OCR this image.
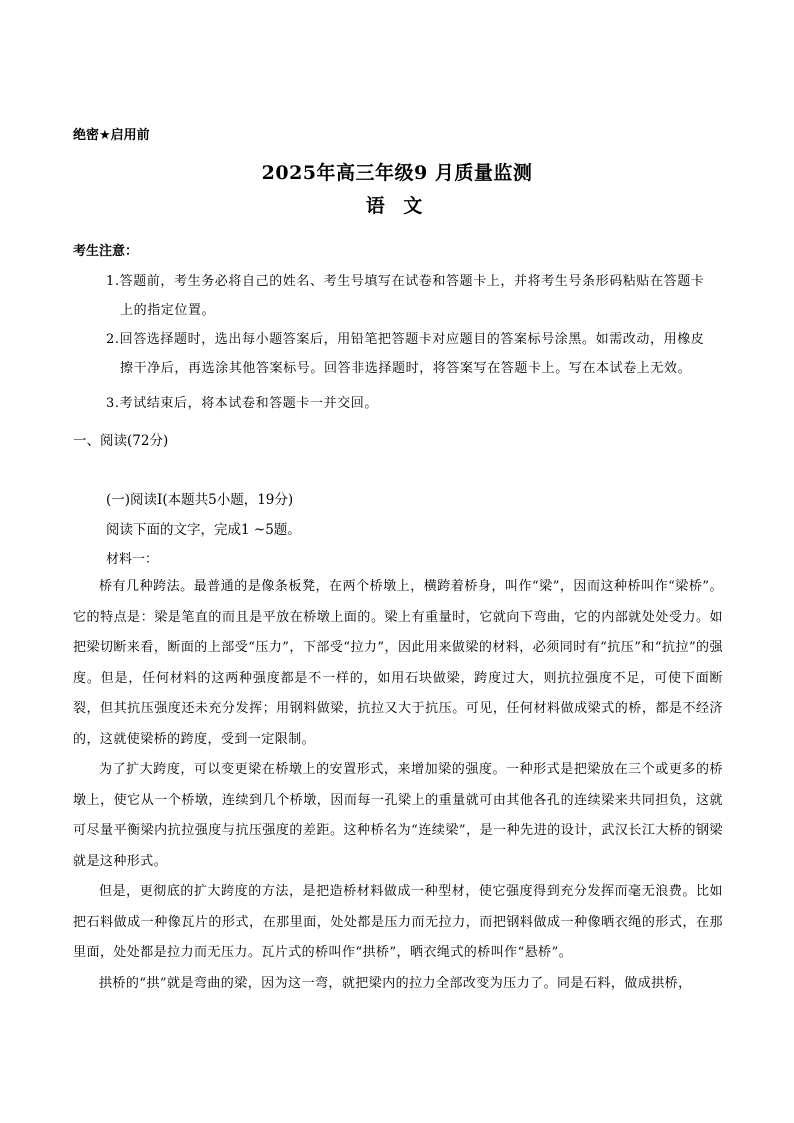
绝密★启用前
2025年高三年级9 月质量监测
语 文
考生注意：
1.答题前，考生务必将自己的姓名、考生号填写在试卷和答题卡上，并将考生号条形码粘贴在答题卡
上的指定位置。
2.回答选择题时，选出每小题答案后，用铅笔把答题卡对应题目的答案标号涂黑。如需改动，用橡皮
擦干净后，再选涂其他答案标号。回答非选择题时，将答案写在答题卡上。写在本试卷上无效。
3.考试结束后，将本试卷和答题卡一并交回。
一、阅读(72分)
(一)阅读Ⅰ(本题共5小题，19分)
阅读下面的文字，完成1 ~5题。
材料一：

桥有几种跨法。最普通的是像条板凳，在两个桥墩上，横跨着桥身，叫作“梁”，因而这种桥叫作“梁桥”。它的特点是：梁是笔直的而且是平放在桥墩上面的。梁上有重量时，它就向下弯曲，它的内部就处处受力。如把梁切断来看，断面的上部受“压力”，下部受“拉力”，因此用来做梁的材料，必须同时有“抗压”和“抗拉”的强度。但是，任何材料的这两种强度都是不一样的，如用石块做梁，跨度过大，则抗拉强度不足，可使下面断裂，但其抗压强度还未充分发挥；用钢料做梁，抗拉又大于抗压。可见，任何材料做成梁式的桥，都是不经济的，这就使梁桥的跨度，受到一定限制。

为了扩大跨度，可以变更梁在桥墩上的安置形式，来增加梁的强度。一种形式是把梁放在三个或更多的桥墩上，使它从一个桥墩，连续到几个桥墩，因而每一孔梁上的重量就可由其他各孔的连续梁来共同担负，这就可尽量平衡梁内抗拉强度与抗压强度的差距。这种桥名为“连续梁”，是一种先进的设计，武汉长江大桥的钢梁就是这种形式。

但是，更彻底的扩大跨度的方法，是把造桥材料做成一种型材，使它强度得到充分发挥而毫无浪费。比如把石料做成一种像瓦片的形式，在那里面，处处都是压力而无拉力，而把钢料做成一种像晒衣绳的形式，在那里面，处处都是拉力而无压力。瓦片式的桥叫作“拱桥”，晒衣绳式的桥叫作“悬桥”。

拱桥的“拱”就是弯曲的梁，因为这一弯，就把梁内的拉力全部改变为压力了。同是石料，做成拱桥，
